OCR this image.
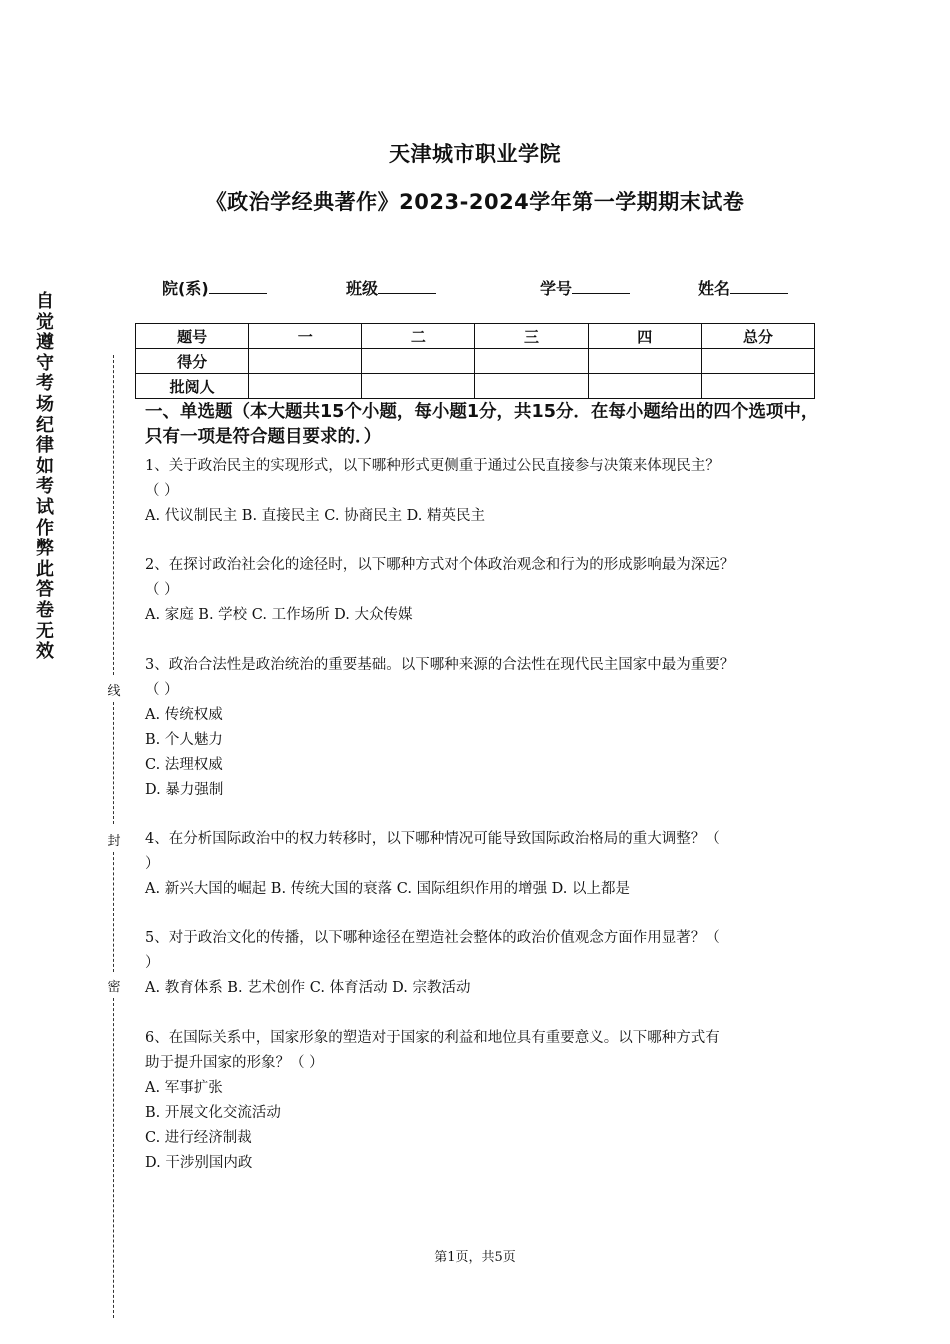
天津城市职业学院
《政治学经典著作》2023-2024学年第一学期期末试卷
院(系)	班级	学号	姓名
题号	一	二	三	四	总分
得分					
批阅人					
自觉遵守考场纪律如考试作弊此答卷无效
线
封
密
一、单选题（本大题共15个小题，每小题1分，共15分．在每小题给出的四个选项中，只有一项是符合题目要求的．）
1、关于政治民主的实现形式，以下哪种形式更侧重于通过公民直接参与决策来体现民主？
（ ）
A. 代议制民主 B. 直接民主 C. 协商民主 D. 精英民主
2、在探讨政治社会化的途径时，以下哪种方式对个体政治观念和行为的形成影响最为深远？
（ ）
A. 家庭 B. 学校 C. 工作场所 D. 大众传媒
3、政治合法性是政治统治的重要基础。以下哪种来源的合法性在现代民主国家中最为重要？
（ ）
A. 传统权威
B. 个人魅力
C. 法理权威
D. 暴力强制
4、在分析国际政治中的权力转移时，以下哪种情况可能导致国际政治格局的重大调整？（
）
A. 新兴大国的崛起 B. 传统大国的衰落 C. 国际组织作用的增强 D. 以上都是
5、对于政治文化的传播，以下哪种途径在塑造社会整体的政治价值观念方面作用显著？（
）
A. 教育体系 B. 艺术创作 C. 体育活动 D. 宗教活动
6、在国际关系中，国家形象的塑造对于国家的利益和地位具有重要意义。以下哪种方式有
助于提升国家的形象？（ ）
A. 军事扩张
B. 开展文化交流活动
C. 进行经济制裁
D. 干涉别国内政
第1页，共5页
